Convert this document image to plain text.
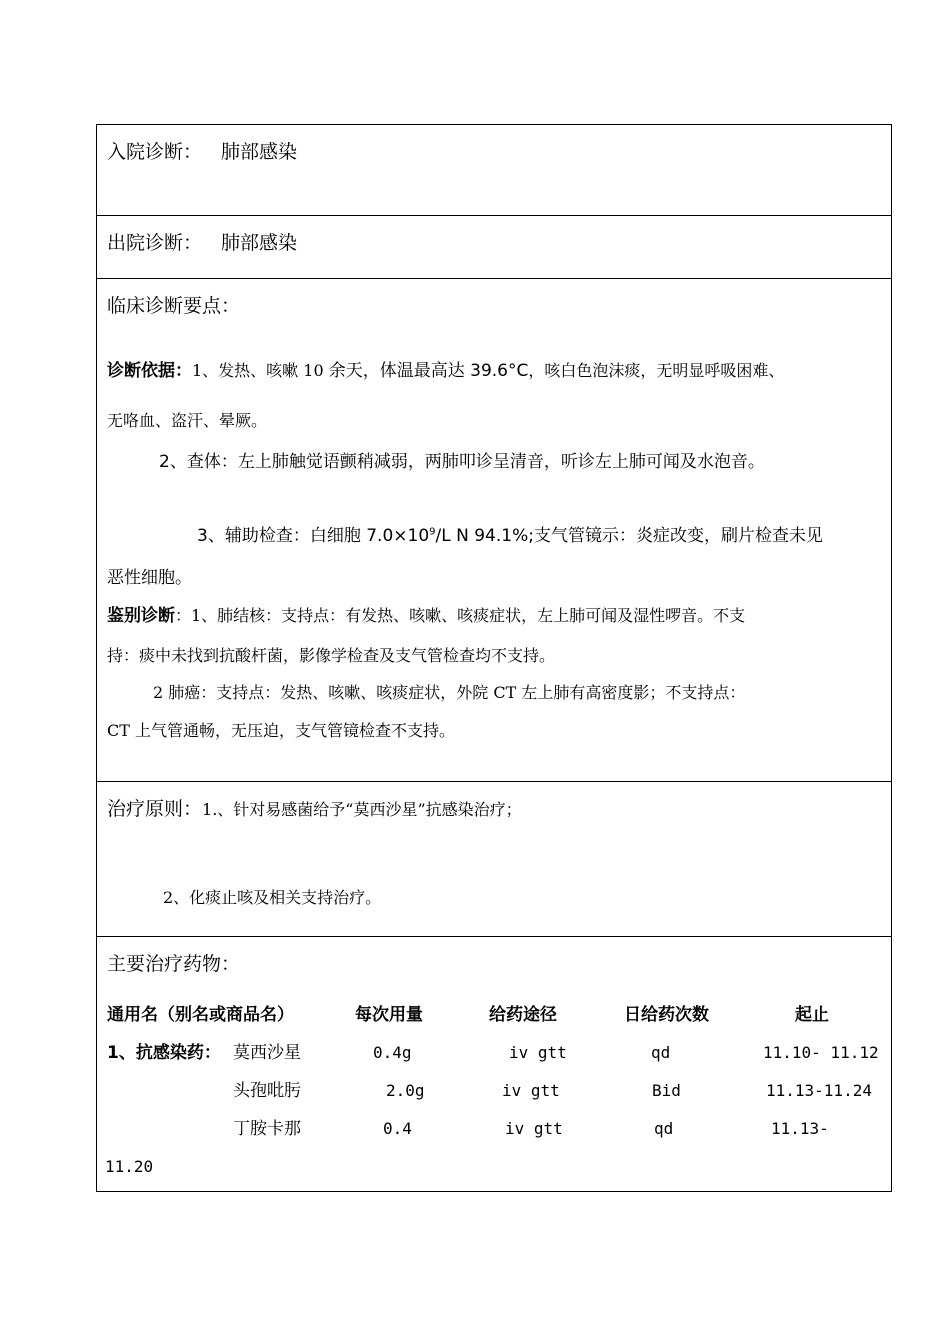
入院诊断： 肺部感染
出院诊断： 肺部感染
临床诊断要点：
诊断依据：1、发热、咳嗽 10 余天，体温最高达 39.6°C，咳白色泡沫痰，无明显呼吸困难、
无咯血、盗汗、晕厥。
2、查体：左上肺触觉语颤稍减弱，两肺叩诊呈清音，听诊左上肺可闻及水泡音。
3、辅助检查：白细胞 $7.0\times 10^9/L$ N 94.1%;支气管镜示：炎症改变，刷片检查未见
恶性细胞。
鉴别诊断：1、肺结核：支持点：有发热、咳嗽、咳痰症状，左上肺可闻及湿性啰音。不支
持：痰中未找到抗酸杆菌，影像学检查及支气管检查均不支持。
2 肺癌：支持点：发热、咳嗽、咳痰症状，外院 CT 左上肺有高密度影；不支持点：
CT 上气管通畅，无压迫，支气管镜检查不支持。
治疗原则：1.、针对易感菌给予“莫西沙星”抗感染治疗；
2、化痰止咳及相关支持治疗。
主要治疗药物：
通用名（别名或商品名）	每次用量	给药途径	日给药次数	起止
1、抗感染药： 莫西沙星	0.4g	iv gtt	qd	11.10- 11.12
头孢吡肟	2.0g	iv gtt	Bid	11.13-11.24
丁胺卡那	0.4	iv gtt	qd	11.13-
11.20
